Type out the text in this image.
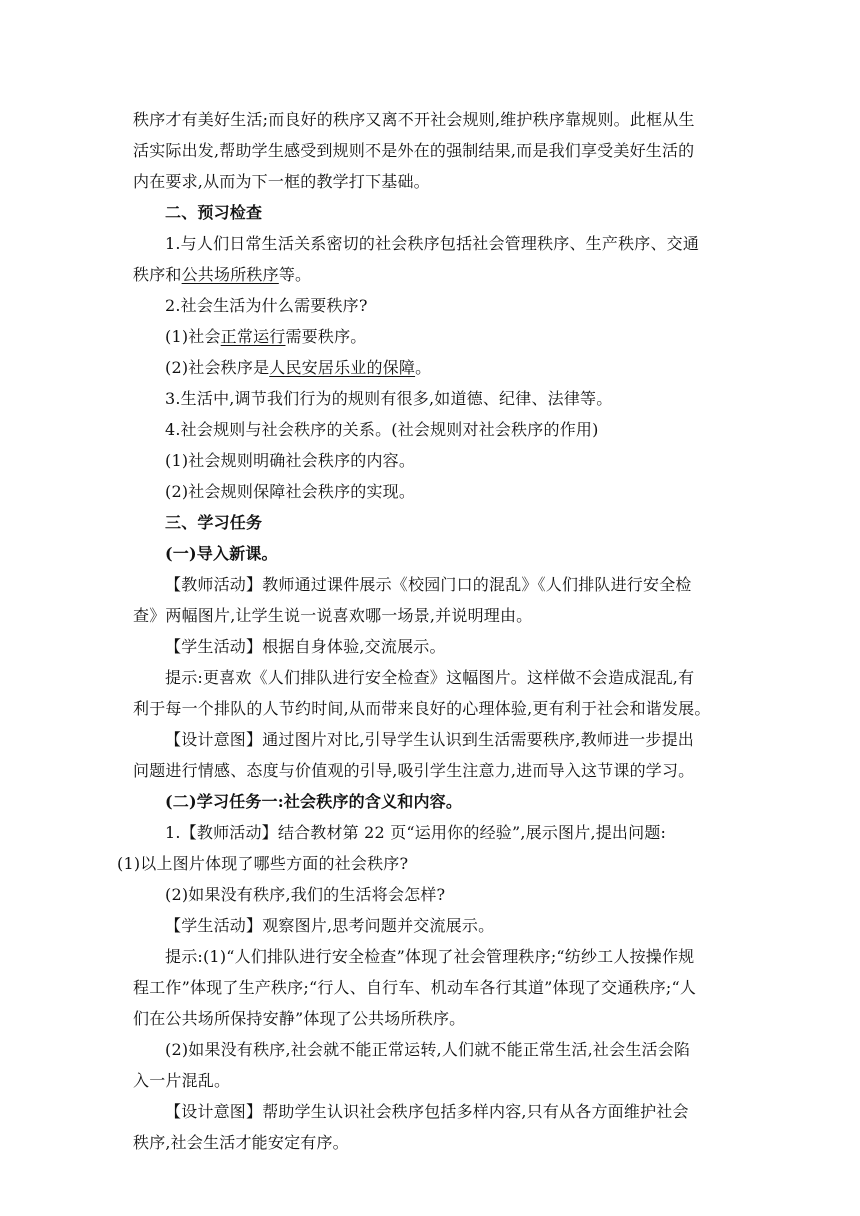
秩序才有美好生活;而良好的秩序又离不开社会规则,维护秩序靠规则。此框从生
活实际出发,帮助学生感受到规则不是外在的强制结果,而是我们享受美好生活的
内在要求,从而为下一框的教学打下基础。
二、预习检查
1.与人们日常生活关系密切的社会秩序包括社会管理秩序、生产秩序、交通
秩序和公共场所秩序等。
2.社会生活为什么需要秩序?
(1)社会正常运行需要秩序。
(2)社会秩序是人民安居乐业的保障。
3.生活中,调节我们行为的规则有很多,如道德、纪律、法律等。
4.社会规则与社会秩序的关系。(社会规则对社会秩序的作用)
(1)社会规则明确社会秩序的内容。
(2)社会规则保障社会秩序的实现。
三、学习任务
(一)导入新课。
【教师活动】教师通过课件展示《校园门口的混乱》《人们排队进行安全检
查》两幅图片,让学生说一说喜欢哪一场景,并说明理由。
【学生活动】根据自身体验,交流展示。
提示:更喜欢《人们排队进行安全检查》这幅图片。这样做不会造成混乱,有
利于每一个排队的人节约时间,从而带来良好的心理体验,更有利于社会和谐发展。
【设计意图】通过图片对比,引导学生认识到生活需要秩序,教师进一步提出
问题进行情感、态度与价值观的引导,吸引学生注意力,进而导入这节课的学习。
(二)学习任务一:社会秩序的含义和内容。
1.【教师活动】结合教材第 22 页“运用你的经验”,展示图片,提出问题:
(1)以上图片体现了哪些方面的社会秩序?
(2)如果没有秩序,我们的生活将会怎样?
【学生活动】观察图片,思考问题并交流展示。
提示:(1)“人们排队进行安全检查”体现了社会管理秩序;“纺纱工人按操作规
程工作”体现了生产秩序;“行人、自行车、机动车各行其道”体现了交通秩序;“人
们在公共场所保持安静”体现了公共场所秩序。
(2)如果没有秩序,社会就不能正常运转,人们就不能正常生活,社会生活会陷
入一片混乱。
【设计意图】帮助学生认识社会秩序包括多样内容,只有从各方面维护社会
秩序,社会生活才能安定有序。
